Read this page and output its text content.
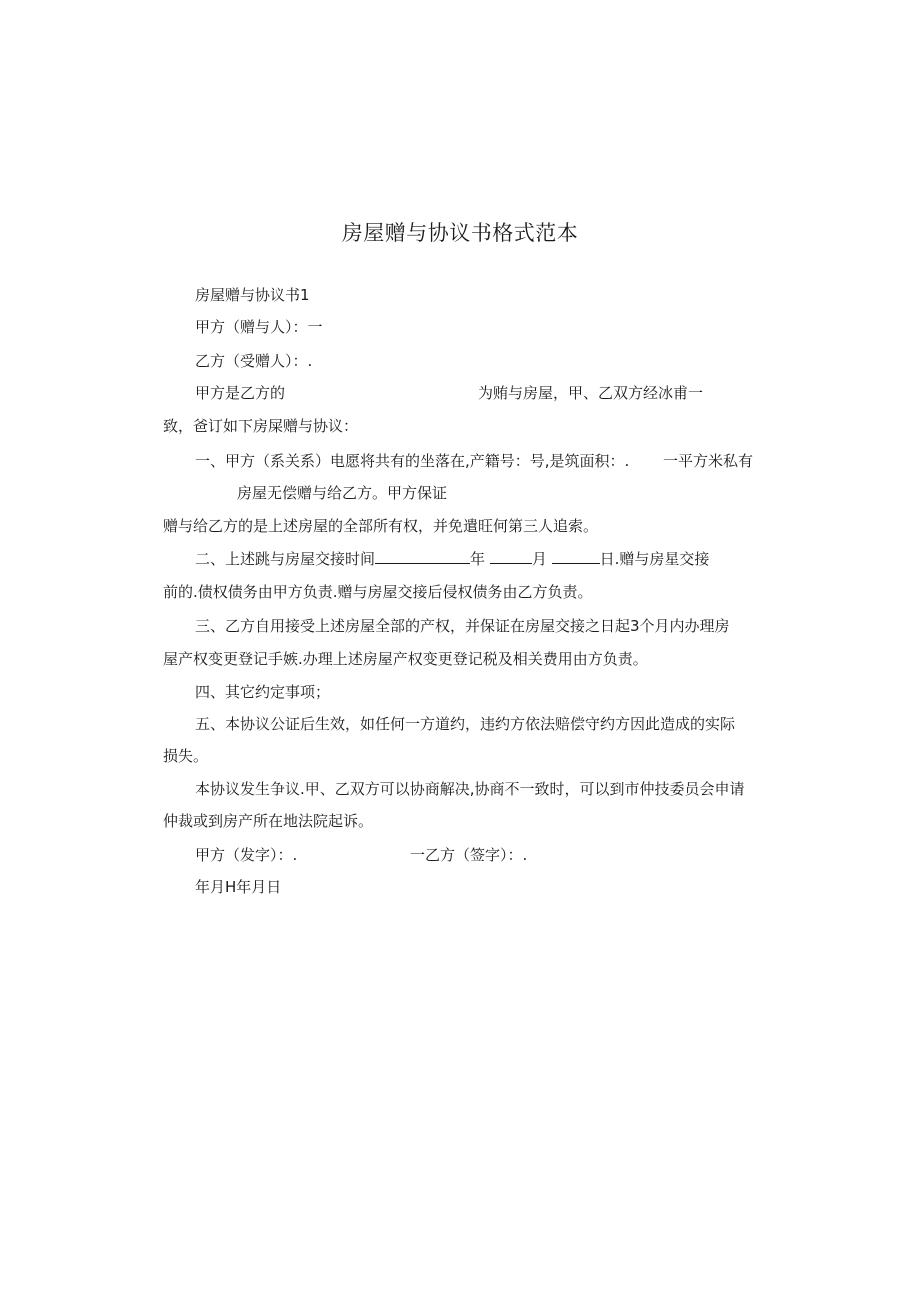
房屋赠与协议书格式范本
房屋赠与协议书1
甲方（赠与人）：一
乙方（受赠人）：.
甲方是乙方的	为贿与房屋，甲、乙双方经冰甫一
致，爸订如下房屎赠与协议：
一、甲方（系关系）电愿将共有的坐落在,产籍号：号,是筑面积：. 一平方米私有
房屋无偿赠与给乙方。甲方保证
赠与给乙方的是上述房屋的全部所有权，并免遣旺何第三人追索。
二、上述跳与房屋交接时间	年	月	日.赠与房星交接
前的.债权债务由甲方负责.赠与房屋交接后侵权债务由乙方负责。
三、乙方自用接受上述房屋全部的产权，并保证在房屋交接之日起3个月内办理房
屋产权变更登记手嫉.办理上述房屋产权变更登记税及相关费用由方负责。
四、其它约定事项；
五、本协议公证后生效，如任何一方道约，违约方依法赔偿守约方因此造成的实际
损失。
本协议发生争议.甲、乙双方可以协商解决,协商不一致时，可以到市仲技委员会申请
仲裁或到房产所在地法院起诉。
甲方（发字）：.	一乙方（签字）：.
年月H年月日
